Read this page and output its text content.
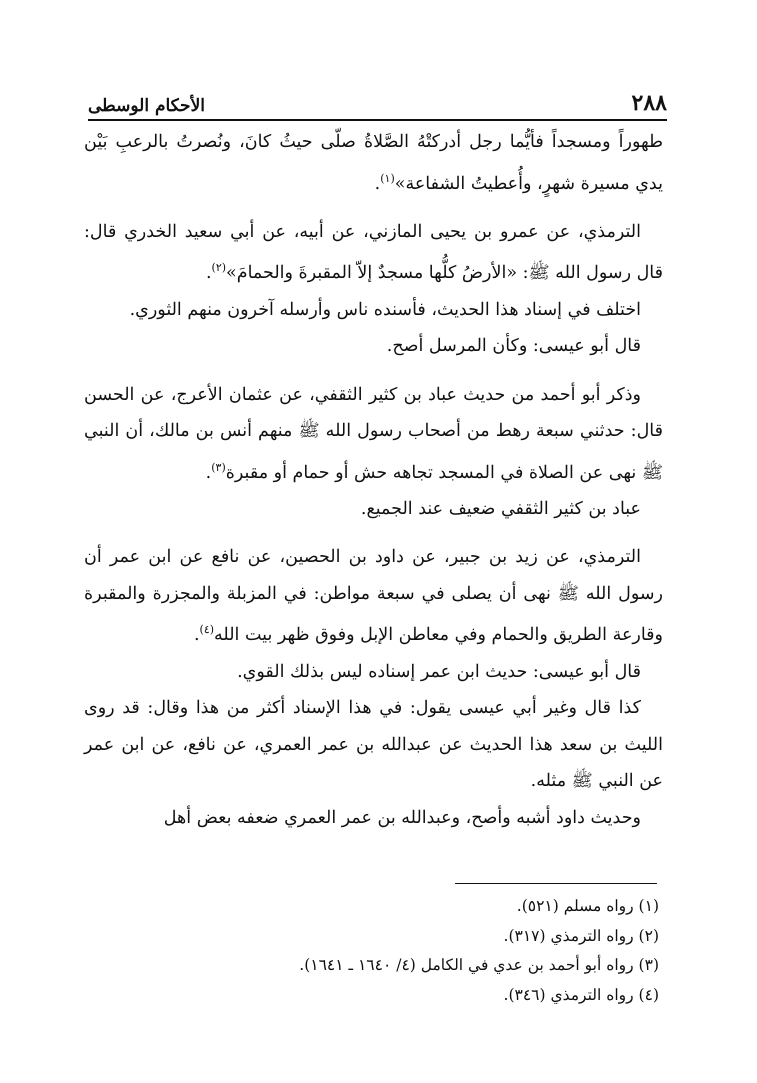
الأحكام الوسطى	٢٨٨

طهوراً ومسجداً فأيُّما رجل أدركتْهُ الصَّلاةُ صلّى حيثُ كانَ، ونُصرتُ بالرعبِ بَيْن يدي مسيرة شهرٍ، وأُعطيتُ الشفاعة»$^{(١)}$.

الترمذي، عن عمرو بن يحيى المازني، عن أبيه، عن أبي سعيد الخدري قال: قال رسول الله ﷺ: «الأرضُ كلُّها مسجدٌ إلاّ المقبرةَ والحمامَ»$^{(٢)}$.

اختلف في إسناد هذا الحديث، فأسنده ناس وأرسله آخرون منهم الثوري.

قال أبو عيسى: وكأن المرسل أصح.

وذكر أبو أحمد من حديث عباد بن كثير الثقفي، عن عثمان الأعرج، عن الحسن قال: حدثني سبعة رهط من أصحاب رسول الله ﷺ منهم أنس بن مالك، أن النبي ﷺ نهى عن الصلاة في المسجد تجاهه حش أو حمام أو مقبرة$^{(٣)}$.

عباد بن كثير الثقفي ضعيف عند الجميع.

الترمذي، عن زيد بن جبير، عن داود بن الحصين، عن نافع عن ابن عمر أن رسول الله ﷺ نهى أن يصلى في سبعة مواطن: في المزبلة والمجزرة والمقبرة وقارعة الطريق والحمام وفي معاطن الإبل وفوق ظهر بيت الله$^{(٤)}$.

قال أبو عيسى: حديث ابن عمر إسناده ليس بذلك القوي.

كذا قال وغير أبي عيسى يقول: في هذا الإسناد أكثر من هذا وقال: قد روى الليث بن سعد هذا الحديث عن عبدالله بن عمر العمري، عن نافع، عن ابن عمر عن النبي ﷺ مثله.

وحديث داود أشبه وأصح، وعبدالله بن عمر العمري ضعفه بعض أهل

(١) رواه مسلم (٥٢١).

(٢) رواه الترمذي (٣١٧).

(٣) رواه أبو أحمد بن عدي في الكامل (٤/ ١٦٤٠ ـ ١٦٤١).

(٤) رواه الترمذي (٣٤٦).
